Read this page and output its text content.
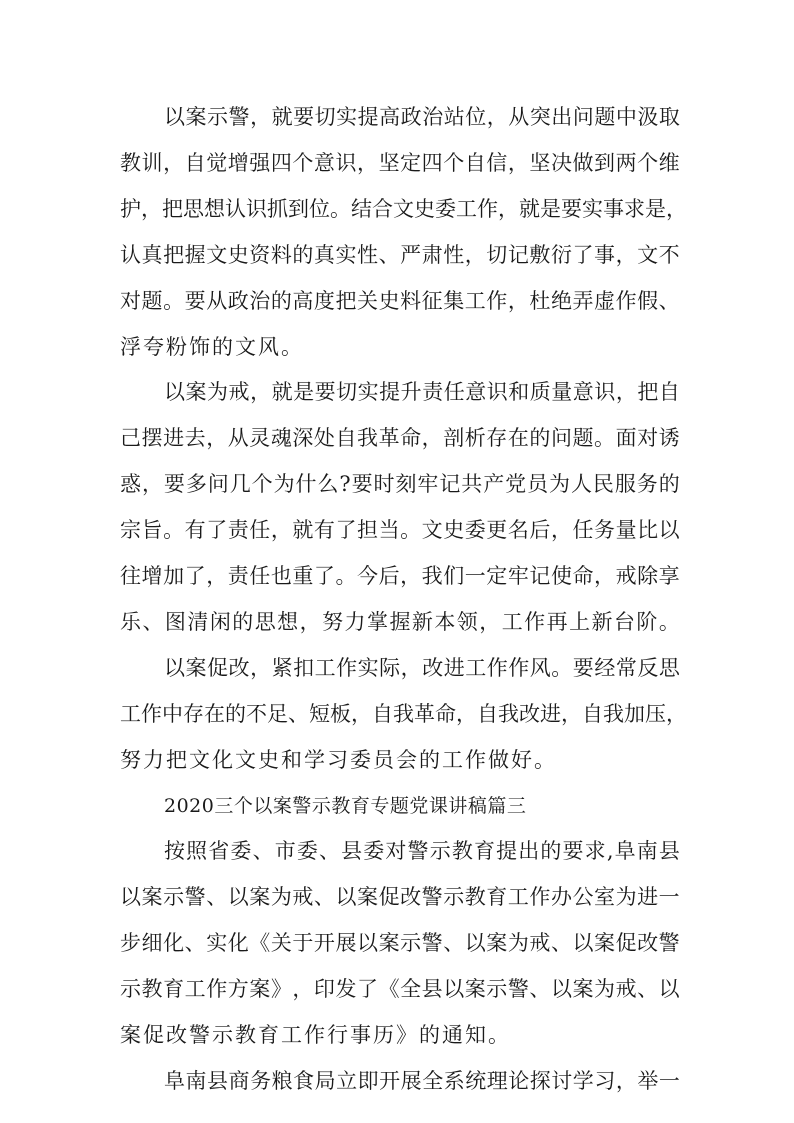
以 案 示 警 ， 就 要 切 实 提 高 政 治 站 位 ， 从 突 出 问 题 中 汲 取
教 训 ， 自 觉 增 强 四 个 意 识 ， 坚 定 四 个 自 信 ， 坚 决 做 到 两 个 维
护 ， 把 思 想 认 识 抓 到 位 。 结 合 文 史 委 工 作 ， 就 是 要 实 事 求 是 ，
认 真 把 握 文 史 资 料 的 真 实 性 、 严 肃 性 ， 切 记 敷 衍 了 事 ， 文 不
对 题 。 要 从 政 治 的 高 度 把 关 史 料 征 集 工 作 ， 杜 绝 弄 虚 作 假 、
浮夸粉饰的文风。
以 案 为 戒 ， 就 是 要 切 实 提 升 责 任 意 识 和 质 量 意 识 ， 把 自
己 摆 进 去 ， 从 灵 魂 深 处 自 我 革 命 ， 剖 析 存 在 的 问 题 。 面 对 诱
惑 ， 要 多 问 几 个 为 什 么 ? 要 时 刻 牢 记 共 产 党 员 为 人 民 服 务 的
宗 旨 。 有 了 责 任 ， 就 有 了 担 当 。 文 史 委 更 名 后 ， 任 务 量 比 以
往 增 加 了 ， 责 任 也 重 了 。 今 后 ， 我 们 一 定 牢 记 使 命 ， 戒 除 享
乐 、 图 清 闲 的 思 想 ， 努 力 掌 握 新 本 领 ， 工 作 再 上 新 台 阶 。
以 案 促 改 ， 紧 扣 工 作 实 际 ， 改 进 工 作 作 风 。 要 经 常 反 思
工 作 中 存 在 的 不 足 、 短 板 ， 自 我 革 命 ， 自 我 改 进 ， 自 我 加 压 ，
努力把文化文史和学习委员会的工作做好。
2020三个以案警示教育专题党课讲稿篇三
按 照 省 委 、 市 委 、 县 委 对 警 示 教 育 提 出 的 要 求 , 阜 南 县
以 案 示 警 、 以 案 为 戒 、 以 案 促 改 警 示 教 育 工 作 办 公 室 为 进 一
步 细 化 、 实 化 《 关 于 开 展 以 案 示 警 、 以 案 为 戒 、 以 案 促 改 警
示 教 育 工 作 方 案 》 ， 印 发 了 《 全 县 以 案 示 警 、 以 案 为 戒 、 以
案促改警示教育工作行事历》的通知。
阜 南 县 商 务 粮 食 局 立 即 开 展 全 系 统 理 论 探 讨 学 习 ， 举 一
